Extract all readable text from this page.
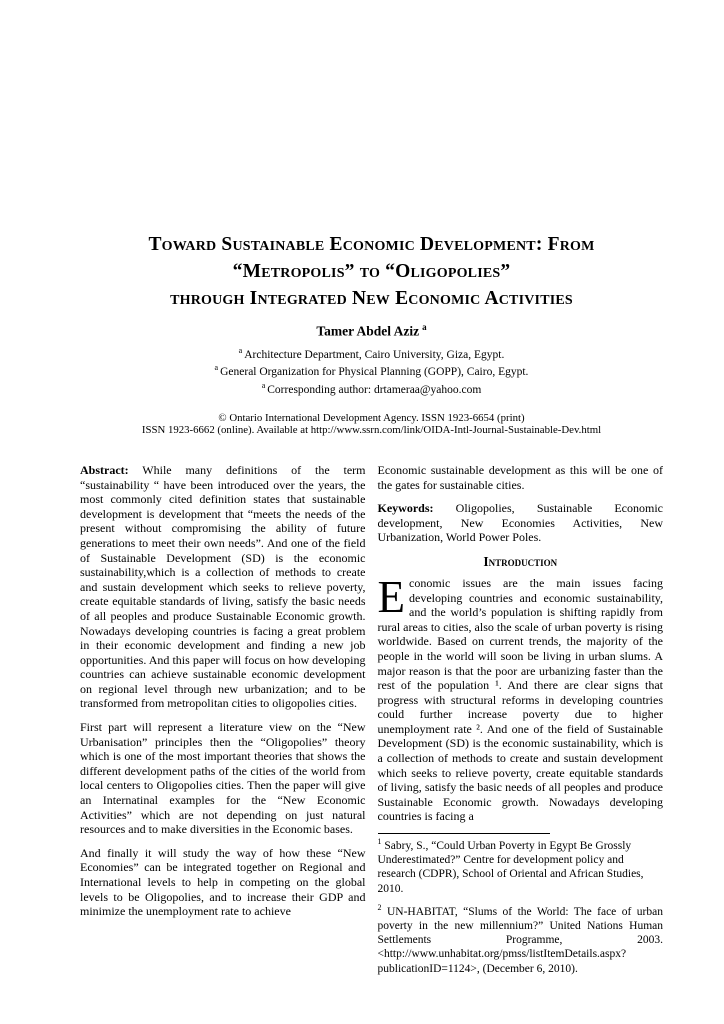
Toward Sustainable Economic Development: From
“Metropolis” to “Oligopolies”
through Integrated New Economic Activities
Tamer Abdel Aziz $^a$
$^a$ Architecture Department, Cairo University, Giza, Egypt.
$^a$ General Organization for Physical Planning (GOPP), Cairo, Egypt.
$^a$ Corresponding author: drtameraa@yahoo.com
© Ontario International Development Agency. ISSN 1923-6654 (print)
ISSN 1923-6662 (online). Available at http://www.ssrn.com/link/OIDA-Intl-Journal-Sustainable-Dev.html

Abstract: While many definitions of the term “sustainability “ have been introduced over the years, the most commonly cited definition states that sustainable development is development that “meets the needs of the present without compromising the ability of future generations to meet their own needs”. And one of the field of Sustainable Development (SD) is the economic sustainability,which is a collection of methods to create and sustain development which seeks to relieve poverty, create equitable standards of living, satisfy the basic needs of all peoples and produce Sustainable Economic growth. Nowadays developing countries is facing a great problem in their economic development and finding a new job opportunities. And this paper will focus on how developing countries can achieve sustainable economic development on regional level through new urbanization; and to be transformed from metropolitan cities to oligopolies cities.

First part will represent a literature view on the “New Urbanisation” principles then the “Oligopolies” theory which is one of the most important theories that shows the different development paths of the cities of the world from local centers to Oligopolies cities. Then the paper will give an Internatinal examples for the “New Economic Activities” which are not depending on just natural resources and to make diversities in the Economic bases.

And finally it will study the way of how these “New Economies” can be integrated together on Regional and International levels to help in competing on the global levels to be Oligopolies, and to increase their GDP and minimize the unemployment rate to achieve

Economic sustainable development as this will be one of the gates for sustainable cities.

Keywords: Oligopolies, Sustainable Economic development, New Economies Activities, New Urbanization, World Power Poles.

Introduction

Economic issues are the main issues facing developing countries and economic sustainability, and the world’s population is shifting rapidly from rural areas to cities, also the scale of urban poverty is rising worldwide. Based on current trends, the majority of the people in the world will soon be living in urban slums. A major reason is that the poor are urbanizing faster than the rest of the population ¹. And there are clear signs that progress with structural reforms in developing countries could further increase poverty due to higher unemployment rate ². And one of the field of Sustainable Development (SD) is the economic sustainability, which is a collection of methods to create and sustain development which seeks to relieve poverty, create equitable standards of living, satisfy the basic needs of all peoples and produce Sustainable Economic growth. Nowadays developing countries is facing a

$^1$ Sabry, S., “Could Urban Poverty in Egypt Be Grossly Underestimated?” Centre for development policy and research (CDPR), School of Oriental and African Studies, 2010.

$^2$ UN-HABITAT, “Slums of the World: The face of urban poverty in the new millennium?” United Nations Human Settlements Programme, 2003. <http://www.unhabitat.org/pmss/listItemDetails.aspx?publicationID=1124>, (December 6, 2010).
